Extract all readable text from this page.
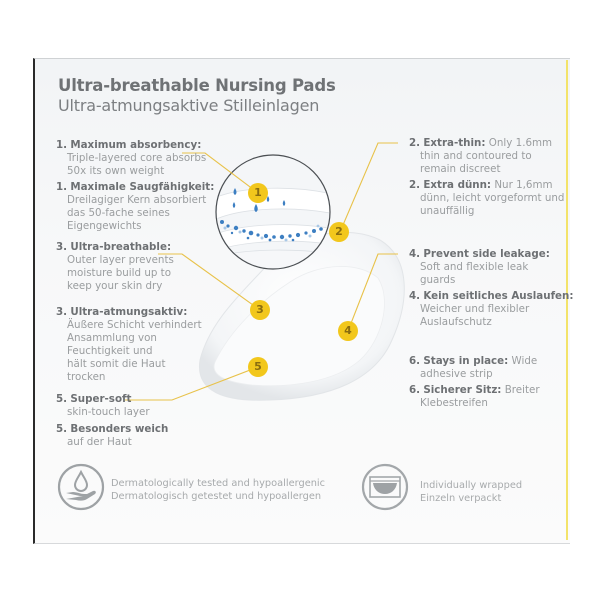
Ultra-breathable Nursing Pads
Ultra-atmungsaktive Stilleinlagen
1
2
3
4
5
1. Maximum absorbency:
Triple-layered core absorbs
50x its own weight
1. Maximale Saugfähigkeit:
Dreilagiger Kern absorbiert
das 50-fache seines
Eigengewichts
3. Ultra-breathable:
Outer layer prevents
moisture build up to
keep your skin dry
3. Ultra-atmungsaktiv:
Äußere Schicht verhindert
Ansammlung von
Feuchtigkeit und
hält somit die Haut
trocken
5. Super-soft
skin-touch layer
5. Besonders weich
auf der Haut
2. Extra-thin: Only 1.6mm
thin and contoured to
remain discreet
2. Extra dünn: Nur 1,6mm
dünn, leicht vorgeformt und
unauffällig
4. Prevent side leakage:
Soft and flexible leak
guards
4. Kein seitliches Auslaufen:
Weicher und flexibler
Auslaufschutz
6. Stays in place: Wide
adhesive strip
6. Sicherer Sitz: Breiter
Klebestreifen
Dermatologically tested and hypoallergenic
Dermatologisch getestet und hypoallergen
Individually wrapped
Einzeln verpackt
